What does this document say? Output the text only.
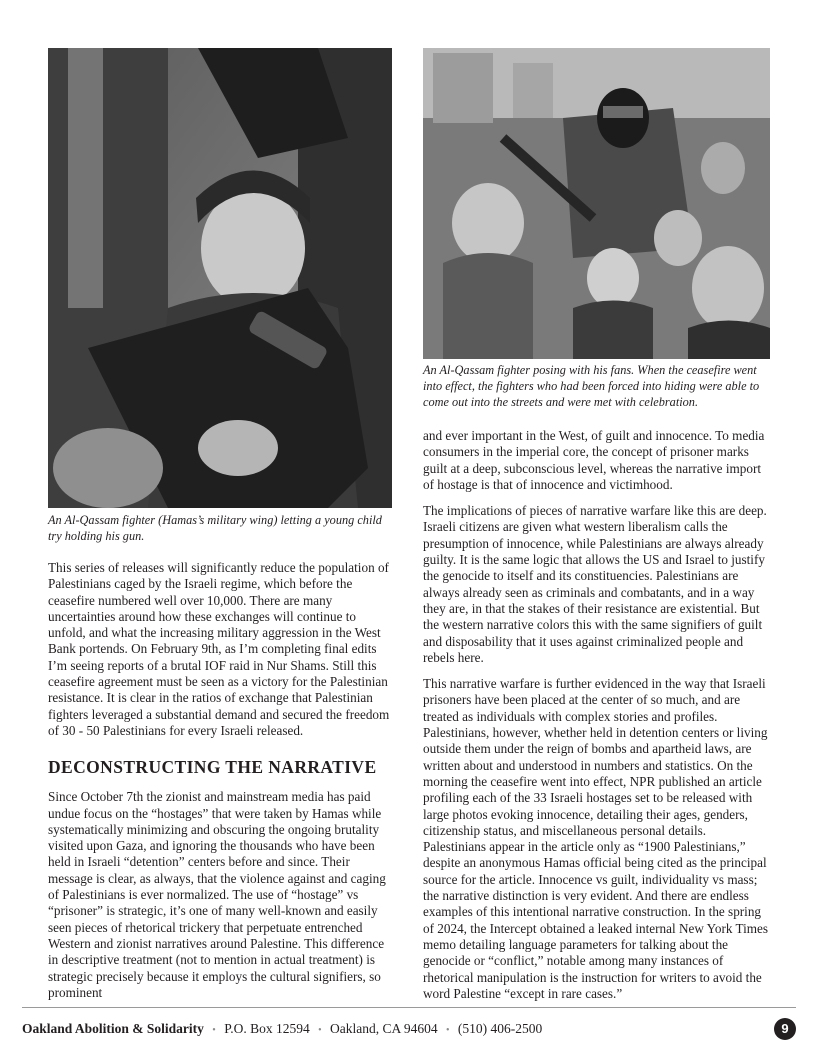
An Al-Qassam fighter (Hamas’s military wing) letting a young child try holding his gun.

An Al-Qassam fighter posing with his fans. When the ceasefire went into effect, the fighters who had been forced into hiding were able to come out into the streets and were met with celebration.

This series of releases will significantly reduce the population of Palestinians caged by the Israeli regime, which before the ceasefire numbered well over 10,000. There are many uncertainties around how these exchanges will continue to unfold, and what the increasing military aggression in the West Bank portends. On February 9th, as I’m completing final edits I’m seeing reports of a brutal IOF raid in Nur Shams. Still this ceasefire agreement must be seen as a victory for the Palestinian resistance. It is clear in the ratios of exchange that Palestinian fighters leveraged a substantial demand and secured the freedom of 30 - 50 Palestinians for every Israeli released.

DECONSTRUCTING THE NARRATIVE

Since October 7th the zionist and mainstream media has paid undue focus on the “hostages” that were taken by Hamas while systematically minimizing and obscuring the ongoing brutality visited upon Gaza, and ignoring the thousands who have been held in Israeli “detention” centers before and since. Their message is clear, as always, that the violence against and caging of Palestinians is ever normalized. The use of “hostage” vs “prisoner” is strategic, it’s one of many well-known and easily seen pieces of rhetorical trickery that perpetuate entrenched Western and zionist narratives around Palestine. This difference in descriptive treatment (not to mention in actual treatment) is strategic precisely because it employs the cultural signifiers, so prominent

and ever important in the West, of guilt and innocence. To media consumers in the imperial core, the concept of prisoner marks guilt at a deep, subconscious level, whereas the narrative import of hostage is that of innocence and victimhood.

The implications of pieces of narrative warfare like this are deep. Israeli citizens are given what western liberalism calls the presumption of innocence, while Palestinians are always already guilty. It is the same logic that allows the US and Israel to justify the genocide to itself and its constituencies. Palestinians are always already seen as criminals and combatants, and in a way they are, in that the stakes of their resistance are existential. But the western narrative colors this with the same signifiers of guilt and disposability that it uses against criminalized people and rebels here.

This narrative warfare is further evidenced in the way that Israeli prisoners have been placed at the center of so much, and are treated as individuals with complex stories and profiles. Palestinians, however, whether held in detention centers or living outside them under the reign of bombs and apartheid laws, are written about and understood in numbers and statistics. On the morning the ceasefire went into effect, NPR published an article profiling each of the 33 Israeli hostages set to be released with large photos evoking innocence, detailing their ages, genders, citizenship status, and miscellaneous personal details. Palestinians appear in the article only as “1900 Palestinians,” despite an anonymous Hamas official being cited as the principal source for the article. Innocence vs guilt, individuality vs mass; the narrative distinction is very evident. And there are endless examples of this intentional narrative construction. In the spring of 2024, the Intercept obtained a leaked internal New York Times memo detailing language parameters for talking about the genocide or “conflict,” notable among many instances of rhetorical manipulation is the instruction for writers to avoid the word Palestine “except in rare cases.”

Oakland Abolition & Solidarity • P.O. Box 12594 • Oakland, CA 94604 • (510) 406-2500	9
